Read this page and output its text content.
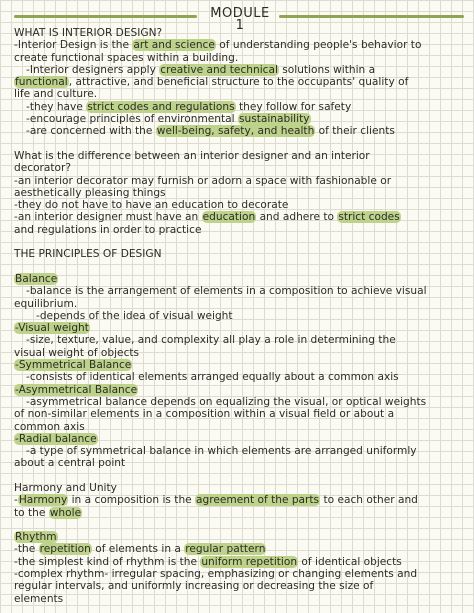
MODULE 1
WHAT IS INTERIOR DESIGN?
-Interior Design is the art and science of understanding people's behavior to
create functional spaces within a building.
-Interior designers apply creative and technical solutions within a
functional, attractive, and beneficial structure to the occupants' quality of
life and culture.
-they have strict codes and regulations they follow for safety
-encourage principles of environmental sustainability
-are concerned with the well-being, safety, and health of their clients
What is the difference between an interior designer and an interior
decorator?
-an interior decorator may furnish or adorn a space with fashionable or
aesthetically pleasing things
-they do not have to have an education to decorate
-an interior designer must have an education and adhere to strict codes
and regulations in order to practice
THE PRINCIPLES OF DESIGN
Balance
-balance is the arrangement of elements in a composition to achieve visual
equilibrium.
-depends of the idea of visual weight
-Visual weight
-size, texture, value, and complexity all play a role in determining the
visual weight of objects
-Symmetrical Balance
-consists of identical elements arranged equally about a common axis
-Asymmetrical Balance
-asymmetrical balance depends on equalizing the visual, or optical weights
of non-similar elements in a composition within a visual field or about a
common axis
-Radial balance
-a type of symmetrical balance in which elements are arranged uniformly
about a central point
Harmony and Unity
-Harmony in a composition is the agreement of the parts to each other and
to the whole
Rhythm
-the repetition of elements in a regular pattern
-the simplest kind of rhythm is the uniform repetition of identical objects
-complex rhythm- irregular spacing, emphasizing or changing elements and
regular intervals, and uniformly increasing or decreasing the size of
elements
